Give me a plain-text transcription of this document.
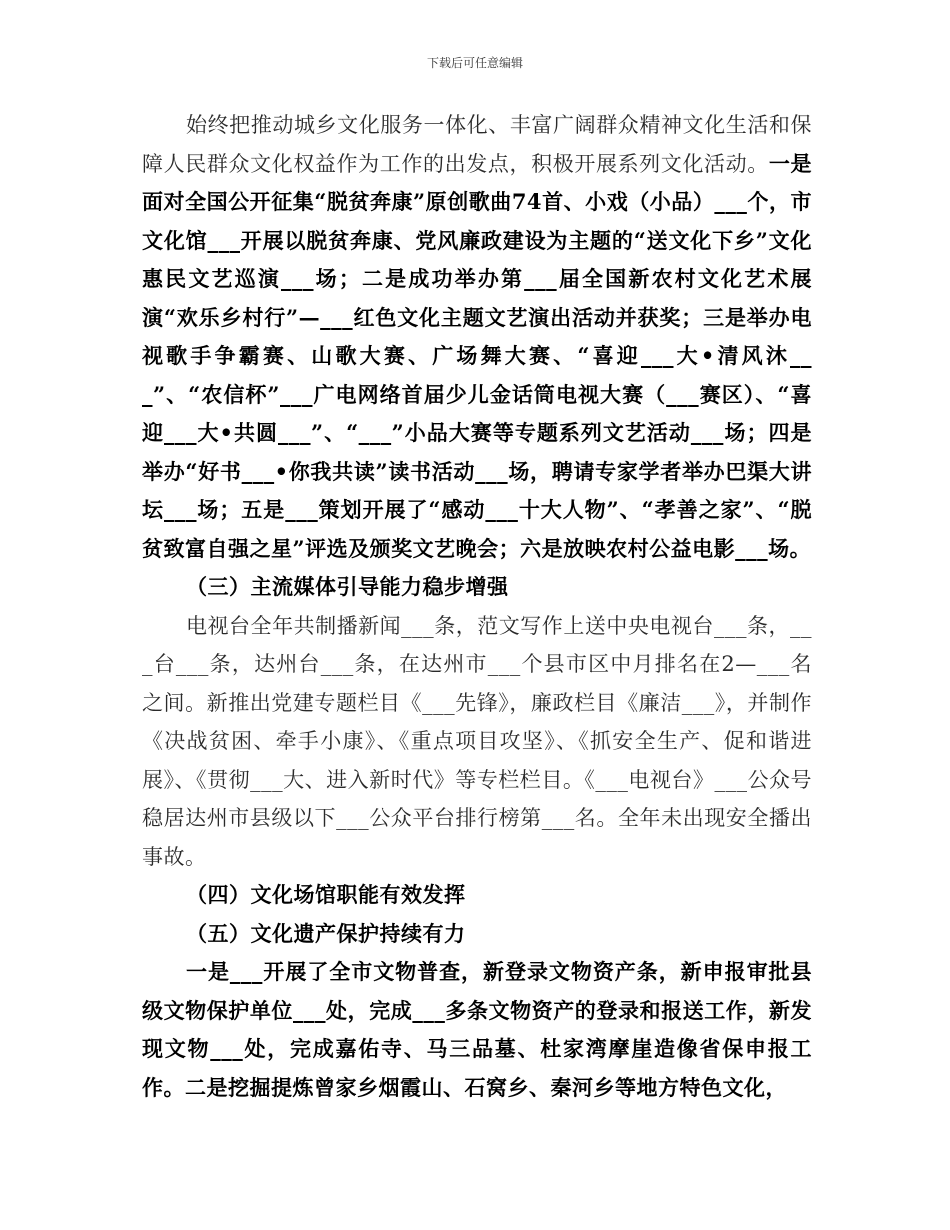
下载后可任意编辑

始终把推动城乡文化服务一体化、丰富广阔群众精神文化生活和保障人民群众文化权益作为工作的出发点，积极开展系列文化活动。一是面对全国公开征集“脱贫奔康”原创歌曲74首、小戏（小品）___个，市文化馆___开展以脱贫奔康、党风廉政建设为主题的“送文化下乡”文化惠民文艺巡演___场；二是成功举办第___届全国新农村文化艺术展演“欢乐乡村行”—___红色文化主题文艺演出活动并获奖；三是举办电视歌手争霸赛、山歌大赛、广场舞大赛、“喜迎___大•清风沐___”、“农信杯”___广电网络首届少儿金话筒电视大赛（___赛区）、“喜迎___大•共圆___”、“___”小品大赛等专题系列文艺活动___场；四是举办“好书___•你我共读”读书活动___场，聘请专家学者举办巴渠大讲坛___场；五是___策划开展了“感动___十大人物”、“孝善之家”、“脱贫致富自强之星”评选及颁奖文艺晚会；六是放映农村公益电影___场。

（三）主流媒体引导能力稳步增强

电视台全年共制播新闻___条，范文写作上送中央电视台___条，___台___条，达州台___条，在达州市___个县市区中月排名在2—___名之间。新推出党建专题栏目《___先锋》，廉政栏目《廉洁___》，并制作《决战贫困、牵手小康》、《重点项目攻坚》、《抓安全生产、促和谐进展》、《贯彻___大、进入新时代》等专栏栏目。《___电视台》___公众号稳居达州市县级以下___公众平台排行榜第___名。全年未出现安全播出事故。

（四）文化场馆职能有效发挥

（五）文化遗产保护持续有力

一是___开展了全市文物普查，新登录文物资产条，新申报审批县级文物保护单位___处，完成___多条文物资产的登录和报送工作，新发现文物___处，完成嘉佑寺、马三品墓、杜家湾摩崖造像省保申报工作。二是挖掘提炼曾家乡烟霞山、石窝乡、秦河乡等地方特色文化，
